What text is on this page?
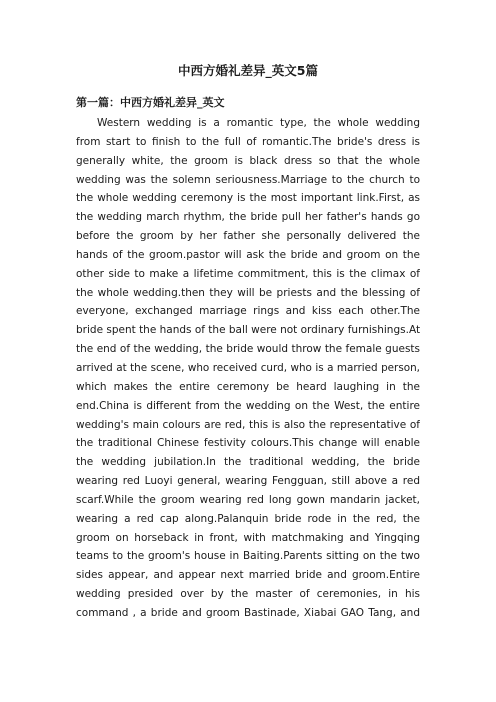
中西方婚礼差异_英文5篇
第一篇：中西方婚礼差异_英文
Western wedding is a romantic type, the whole wedding
from start to finish to the full of romantic.The bride's dress is
generally white, the groom is black dress so that the whole
wedding was the solemn seriousness.Marriage to the church to
the whole wedding ceremony is the most important link.First, as
the wedding march rhythm, the bride pull her father's hands go
before the groom by her father she personally delivered the
hands of the groom.pastor will ask the bride and groom on the
other side to make a lifetime commitment, this is the climax of
the whole wedding.then they will be priests and the blessing of
everyone, exchanged marriage rings and kiss each other.The
bride spent the hands of the ball were not ordinary furnishings.At
the end of the wedding, the bride would throw the female guests
arrived at the scene, who received curd, who is a married person,
which makes the entire ceremony be heard laughing in the
end.China is different from the wedding on the West, the entire
wedding's main colours are red, this is also the representative of
the traditional Chinese festivity colours.This change will enable
the wedding jubilation.In the traditional wedding, the bride
wearing red Luoyi general, wearing Fengguan, still above a red
scarf.While the groom wearing red long gown mandarin jacket,
wearing a red cap along.Palanquin bride rode in the red, the
groom on horseback in front, with matchmaking and Yingqing
teams to the groom's house in Baiting.Parents sitting on the two
sides appear, and appear next married bride and groom.Entire
wedding presided over by the master of ceremonies, in his
command , a bride and groom Bastinade, Xiabai GAO Tang, and
